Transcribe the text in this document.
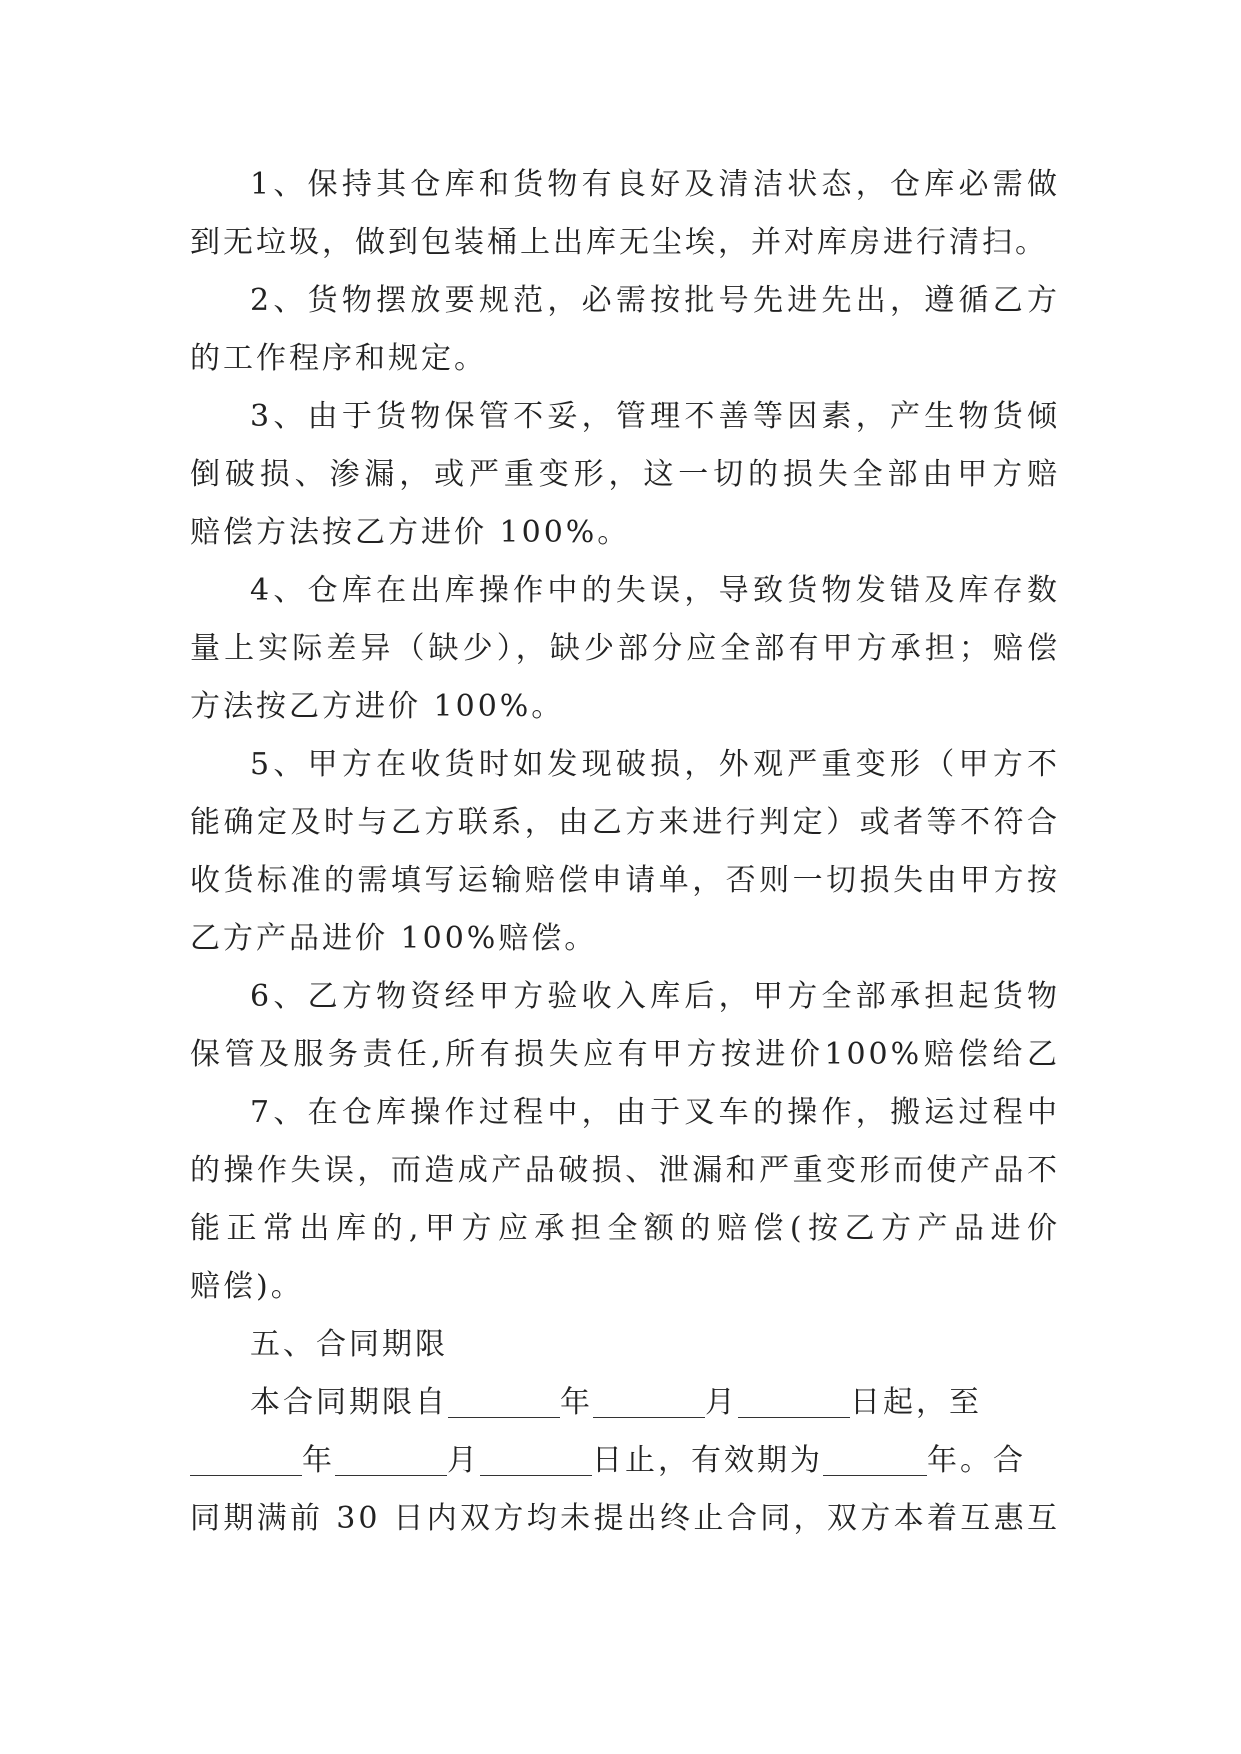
1、保持其仓库和货物有良好及清洁状态，仓库必需做
到无垃圾，做到包装桶上出库无尘埃，并对库房进行清扫。
2、货物摆放要规范，必需按批号先进先出，遵循乙方
的工作程序和规定。
3、由于货物保管不妥，管理不善等因素，产生物货倾
倒破损、渗漏，或严重变形，这一切的损失全部由甲方赔
赔偿方法按乙方进价 100%。
4、仓库在出库操作中的失误，导致货物发错及库存数
量上实际差异（缺少），缺少部分应全部有甲方承担；赔偿
方法按乙方进价 100%。
5、甲方在收货时如发现破损，外观严重变形（甲方不
能确定及时与乙方联系，由乙方来进行判定）或者等不符合
收货标准的需填写运输赔偿申请单，否则一切损失由甲方按
乙方产品进价 100%赔偿。
6、乙方物资经甲方验收入库后，甲方全部承担起货物
保管及服务责任,所有损失应有甲方按进价100%赔偿给乙
7、在仓库操作过程中，由于叉车的操作，搬运过程中
的操作失误，而造成产品破损、泄漏和严重变形而使产品不
能正常出库的,甲方应承担全额的赔偿(按乙方产品进价
赔偿)。
五、合同期限
本合同期限自	年	月	日起，至
年	月	日止，有效期为	年。合
同期满前 30 日内双方均未提出终止合同，双方本着互惠互
